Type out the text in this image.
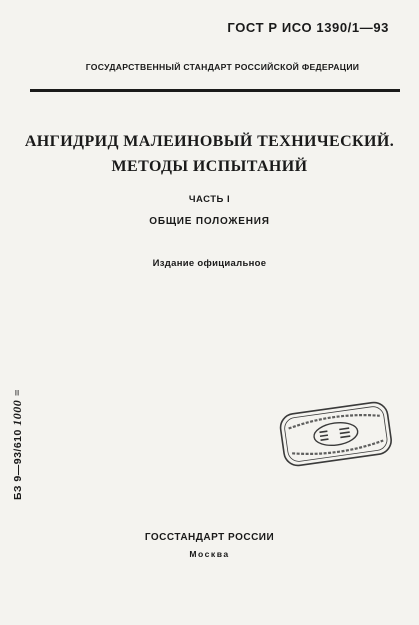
ГОСТ Р ИСО 1390/1—93
ГОСУДАРСТВЕННЫЙ СТАНДАРТ РОССИЙСКОЙ ФЕДЕРАЦИИ
АНГИДРИД МАЛЕИНОВЫЙ ТЕХНИЧЕСКИЙ.
МЕТОДЫ ИСПЫТАНИЙ
ЧАСТЬ I
ОБЩИЕ ПОЛОЖЕНИЯ
Издание официальное
БЗ 9—93/610 1000 =
ГОССТАНДАРТ РОССИИ
Москва
